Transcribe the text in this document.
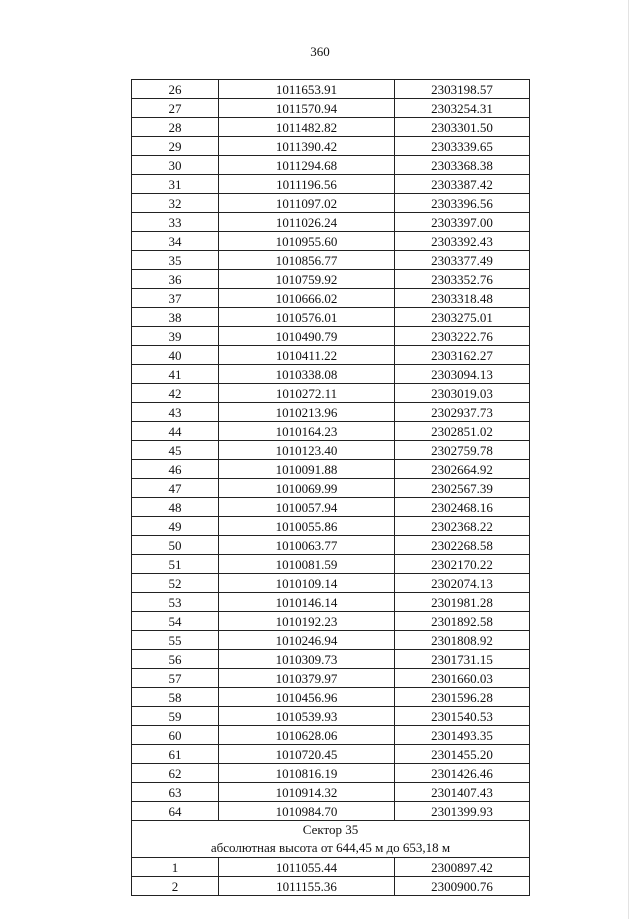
360
26	1011653.91	2303198.57
27	1011570.94	2303254.31
28	1011482.82	2303301.50
29	1011390.42	2303339.65
30	1011294.68	2303368.38
31	1011196.56	2303387.42
32	1011097.02	2303396.56
33	1011026.24	2303397.00
34	1010955.60	2303392.43
35	1010856.77	2303377.49
36	1010759.92	2303352.76
37	1010666.02	2303318.48
38	1010576.01	2303275.01
39	1010490.79	2303222.76
40	1010411.22	2303162.27
41	1010338.08	2303094.13
42	1010272.11	2303019.03
43	1010213.96	2302937.73
44	1010164.23	2302851.02
45	1010123.40	2302759.78
46	1010091.88	2302664.92
47	1010069.99	2302567.39
48	1010057.94	2302468.16
49	1010055.86	2302368.22
50	1010063.77	2302268.58
51	1010081.59	2302170.22
52	1010109.14	2302074.13
53	1010146.14	2301981.28
54	1010192.23	2301892.58
55	1010246.94	2301808.92
56	1010309.73	2301731.15
57	1010379.97	2301660.03
58	1010456.96	2301596.28
59	1010539.93	2301540.53
60	1010628.06	2301493.35
61	1010720.45	2301455.20
62	1010816.19	2301426.46
63	1010914.32	2301407.43
64	1010984.70	2301399.93

Сектор 35
абсолютная высота от 644,45 м до 653,18 м		

1	1011055.44	2300897.42
2	1011155.36	2300900.76
